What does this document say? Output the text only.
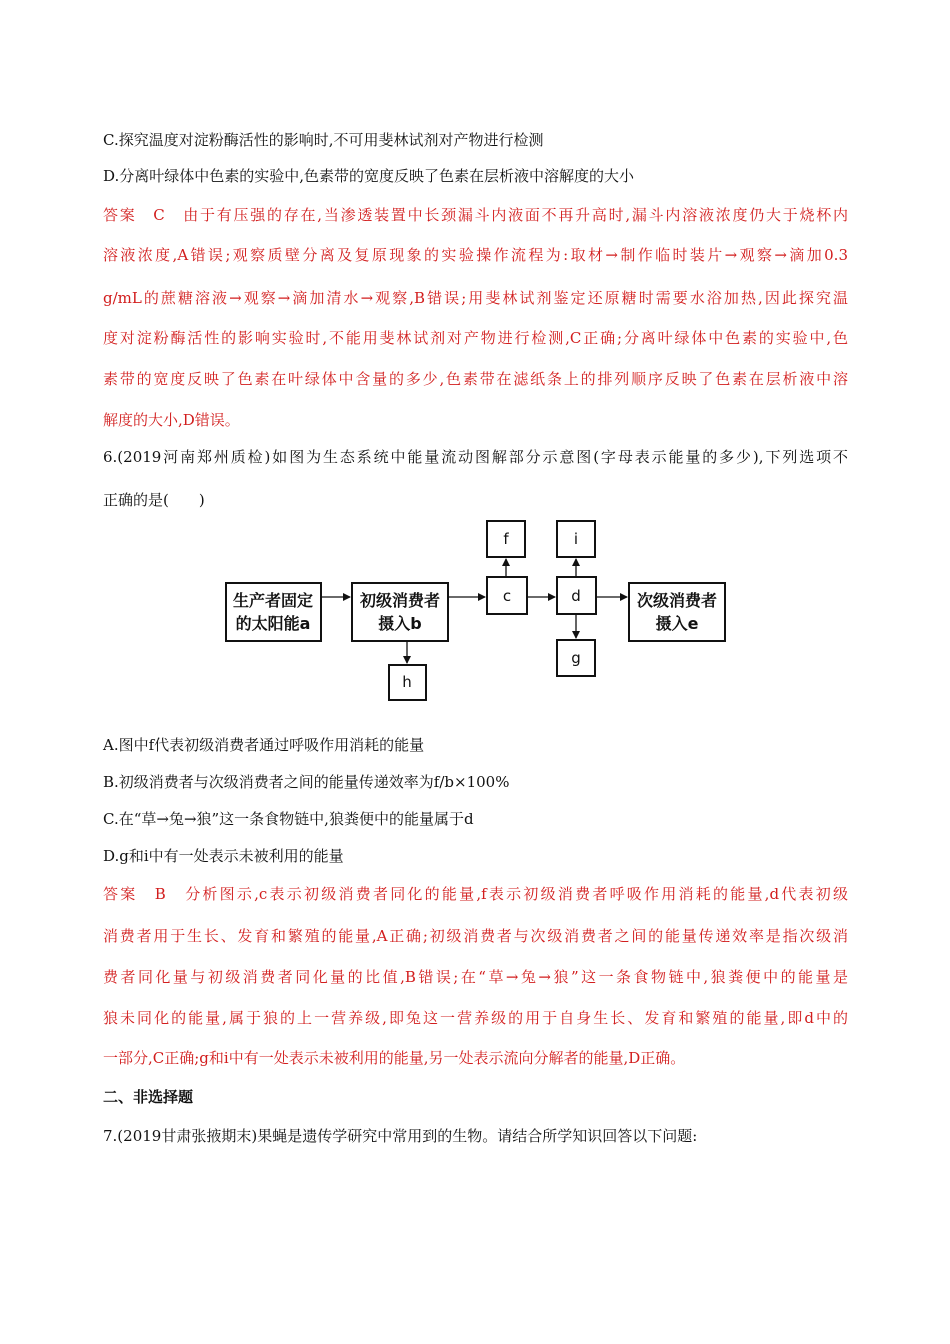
C.探究温度对淀粉酶活性的影响时,不可用斐林试剂对产物进行检测
D.分离叶绿体中色素的实验中,色素带的宽度反映了色素在层析液中溶解度的大小
答案　C　由于有压强的存在,当渗透装置中长颈漏斗内液面不再升高时,漏斗内溶液浓度仍大于烧杯内
溶液浓度,A错误;观察质壁分离及复原现象的实验操作流程为:取材→制作临时装片→观察→滴加0.3
g/mL的蔗糖溶液→观察→滴加清水→观察,B错误;用斐林试剂鉴定还原糖时需要水浴加热,因此探究温
度对淀粉酶活性的影响实验时,不能用斐林试剂对产物进行检测,C正确;分离叶绿体中色素的实验中,色
素带的宽度反映了色素在叶绿体中含量的多少,色素带在滤纸条上的排列顺序反映了色素在层析液中溶
解度的大小,D错误。
6.(2019河南郑州质检)如图为生态系统中能量流动图解部分示意图(字母表示能量的多少),下列选项不
正确的是(　　)
生产者固定
的太阳能a
初级消费者
摄入b
次级消费者
摄入e
c	d
f	i
g
h
A.图中f代表初级消费者通过呼吸作用消耗的能量
B.初级消费者与次级消费者之间的能量传递效率为f/b×100%
C.在“草→兔→狼”这一条食物链中,狼粪便中的能量属于d
D.g和i中有一处表示未被利用的能量
答案　B　分析图示,c表示初级消费者同化的能量,f表示初级消费者呼吸作用消耗的能量,d代表初级
消费者用于生长、发育和繁殖的能量,A正确;初级消费者与次级消费者之间的能量传递效率是指次级消
费者同化量与初级消费者同化量的比值,B错误;在“草→兔→狼”这一条食物链中,狼粪便中的能量是
狼未同化的能量,属于狼的上一营养级,即兔这一营养级的用于自身生长、发育和繁殖的能量,即d中的
一部分,C正确;g和i中有一处表示未被利用的能量,另一处表示流向分解者的能量,D正确。
二、非选择题
7.(2019甘肃张掖期末)果蝇是遗传学研究中常用到的生物。请结合所学知识回答以下问题:
